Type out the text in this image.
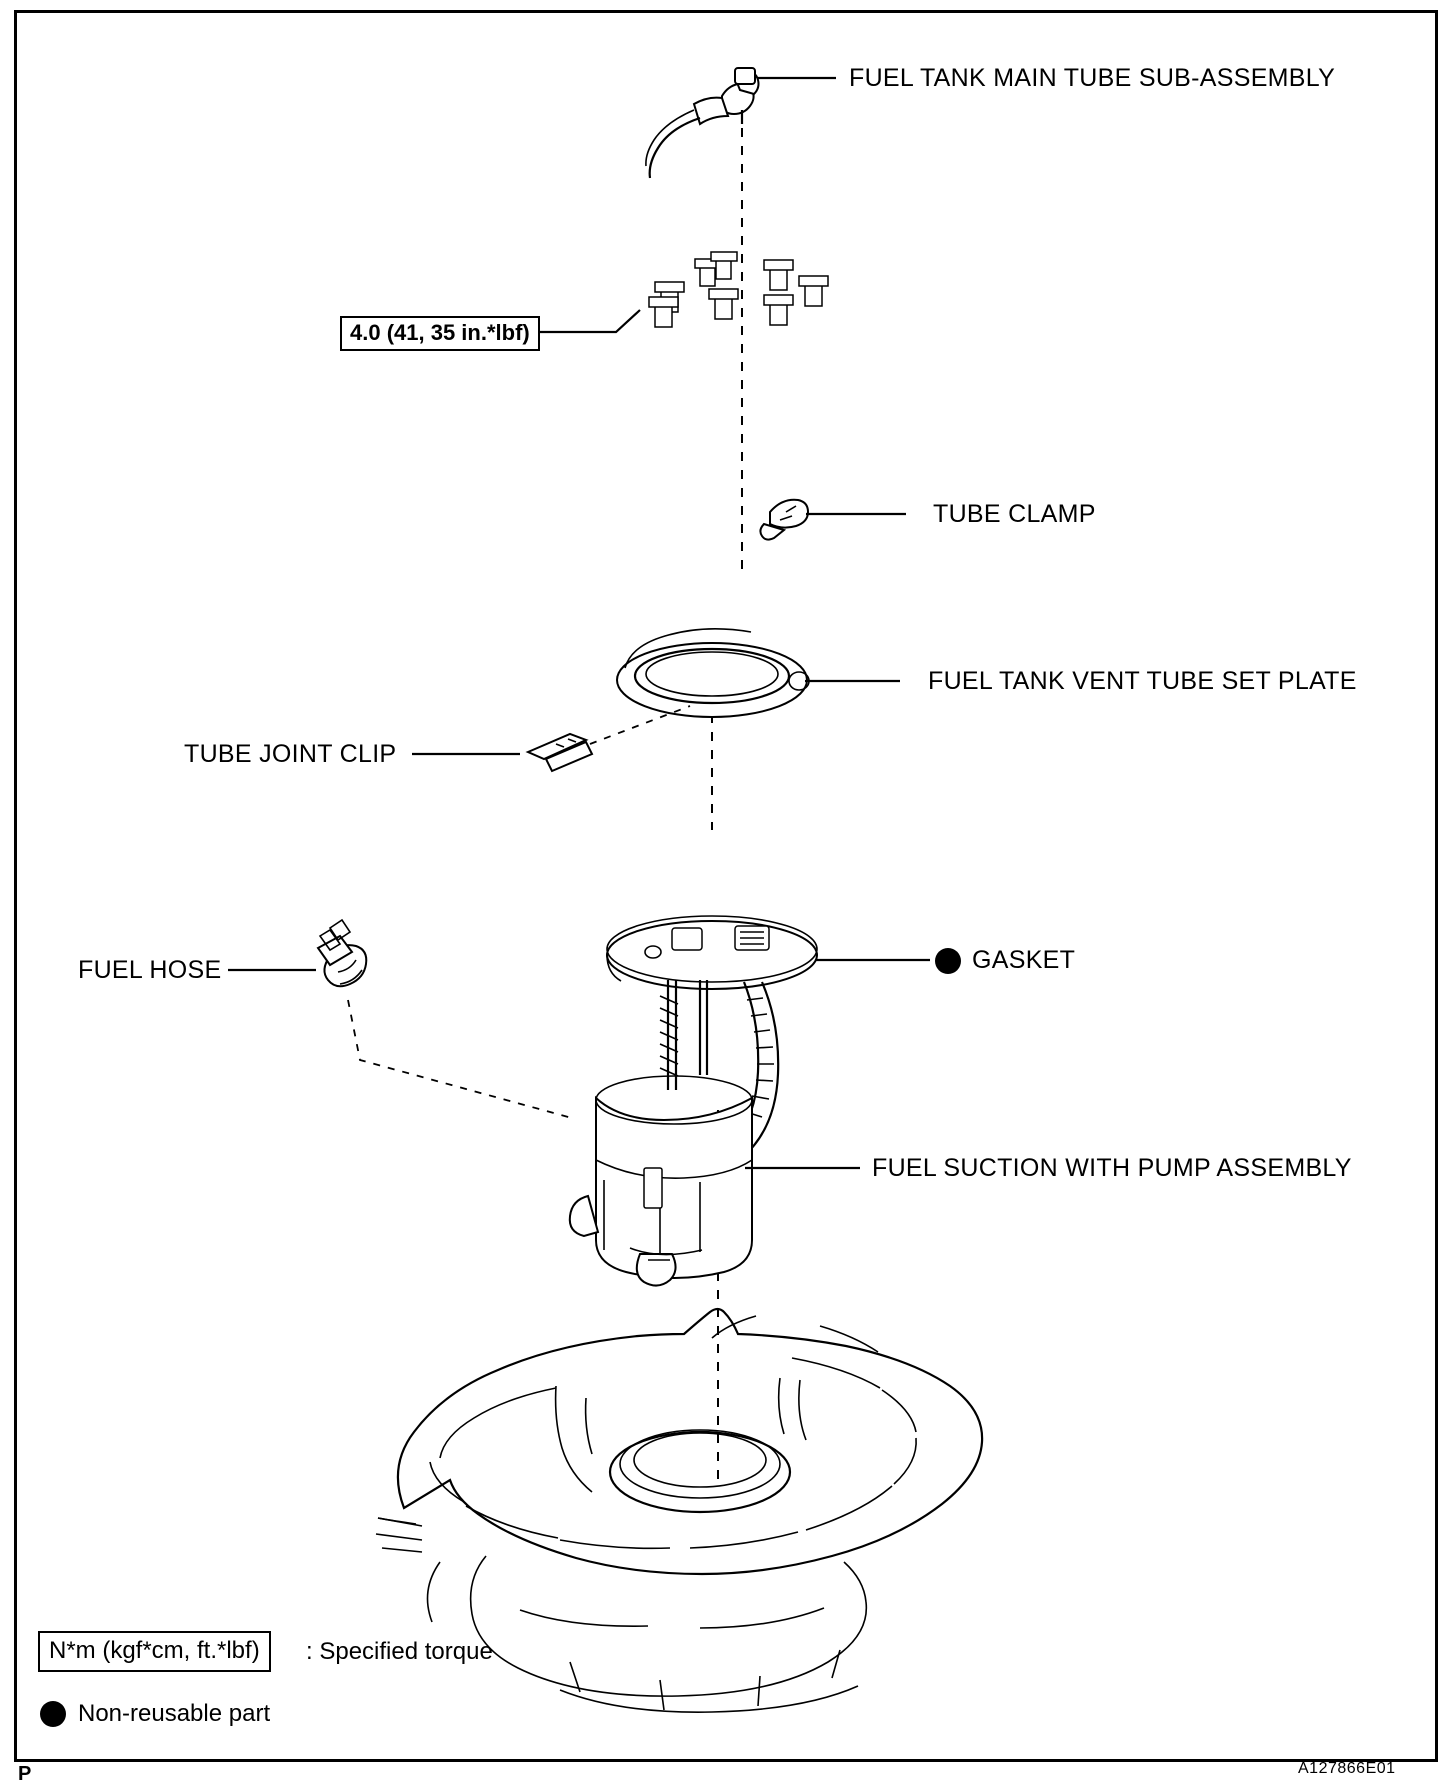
FUEL TANK MAIN TUBE SUB-ASSEMBLY
4.0 (41, 35 in.*lbf)
TUBE CLAMP
FUEL TANK VENT TUBE SET PLATE
TUBE JOINT CLIP
FUEL HOSE	GASKET
FUEL SUCTION WITH PUMP ASSEMBLY
N*m (kgf*cm, ft.*lbf)	: Specified torque
Non-reusable part
P	A127866E01
